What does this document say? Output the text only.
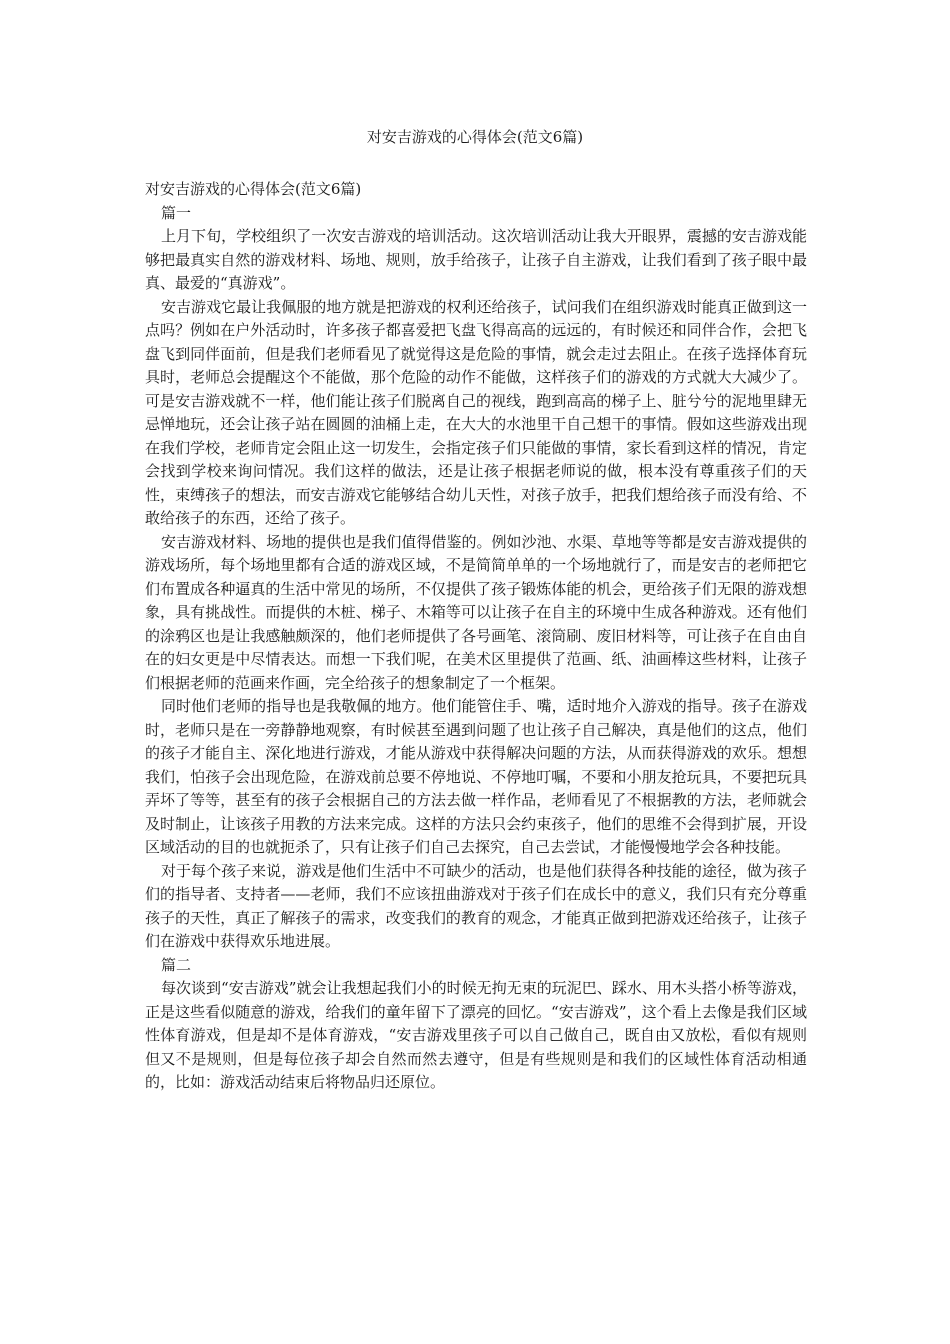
对安吉游戏的心得体会(范文6篇)

对安吉游戏的心得体会(范文6篇)

篇一

上月下旬，学校组织了一次安吉游戏的培训活动。这次培训活动让我大开眼界，震撼的安吉游戏能够把最真实自然的游戏材料、场地、规则，放手给孩子，让孩子自主游戏，让我们看到了孩子眼中最真、最爱的“真游戏”。

安吉游戏它最让我佩服的地方就是把游戏的权利还给孩子，试问我们在组织游戏时能真正做到这一点吗？例如在户外活动时，许多孩子都喜爱把飞盘飞得高高的远远的，有时候还和同伴合作，会把飞盘飞到同伴面前，但是我们老师看见了就觉得这是危险的事情，就会走过去阻止。在孩子选择体育玩具时，老师总会提醒这个不能做，那个危险的动作不能做，这样孩子们的游戏的方式就大大减少了。可是安吉游戏就不一样，他们能让孩子们脱离自己的视线，跑到高高的梯子上、脏兮兮的泥地里肆无忌惮地玩，还会让孩子站在圆圆的油桶上走，在大大的水池里干自己想干的事情。假如这些游戏出现在我们学校，老师肯定会阻止这一切发生，会指定孩子们只能做的事情，家长看到这样的情况，肯定会找到学校来询问情况。我们这样的做法，还是让孩子根据老师说的做，根本没有尊重孩子们的天性，束缚孩子的想法，而安吉游戏它能够结合幼儿天性，对孩子放手，把我们想给孩子而没有给、不敢给孩子的东西，还给了孩子。

安吉游戏材料、场地的提供也是我们值得借鉴的。例如沙池、水渠、草地等等都是安吉游戏提供的游戏场所，每个场地里都有合适的游戏区域，不是简简单单的一个场地就行了，而是安吉的老师把它们布置成各种逼真的生活中常见的场所，不仅提供了孩子锻炼体能的机会，更给孩子们无限的游戏想象，具有挑战性。而提供的木桩、梯子、木箱等可以让孩子在自主的环境中生成各种游戏。还有他们的涂鸦区也是让我感触颇深的，他们老师提供了各号画笔、滚筒刷、废旧材料等，可让孩子在自由自在的妇女更是中尽情表达。而想一下我们呢，在美术区里提供了范画、纸、油画棒这些材料，让孩子们根据老师的范画来作画，完全给孩子的想象制定了一个框架。

同时他们老师的指导也是我敬佩的地方。他们能管住手、嘴，适时地介入游戏的指导。孩子在游戏时，老师只是在一旁静静地观察，有时候甚至遇到问题了也让孩子自己解决，真是他们的这点，他们的孩子才能自主、深化地进行游戏，才能从游戏中获得解决问题的方法，从而获得游戏的欢乐。想想我们，怕孩子会出现危险，在游戏前总要不停地说、不停地叮嘱，不要和小朋友抢玩具，不要把玩具弄坏了等等，甚至有的孩子会根据自己的方法去做一样作品，老师看见了不根据教的方法，老师就会及时制止，让该孩子用教的方法来完成。这样的方法只会约束孩子，他们的思维不会得到扩展，开设区域活动的目的也就扼杀了，只有让孩子们自己去探究，自己去尝试，才能慢慢地学会各种技能。

对于每个孩子来说，游戏是他们生活中不可缺少的活动，也是他们获得各种技能的途径，做为孩子们的指导者、支持者——老师，我们不应该扭曲游戏对于孩子们在成长中的意义，我们只有充分尊重孩子的天性，真正了解孩子的需求，改变我们的教育的观念，才能真正做到把游戏还给孩子，让孩子们在游戏中获得欢乐地进展。

篇二

每次谈到“安吉游戏”就会让我想起我们小的时候无拘无束的玩泥巴、踩水、用木头搭小桥等游戏，正是这些看似随意的游戏，给我们的童年留下了漂亮的回忆。“安吉游戏”，这个看上去像是我们区域性体育游戏，但是却不是体育游戏，“安吉游戏里孩子可以自己做自己，既自由又放松，看似有规则但又不是规则，但是每位孩子却会自然而然去遵守，但是有些规则是和我们的区域性体育活动相通的，比如：游戏活动结束后将物品归还原位。
